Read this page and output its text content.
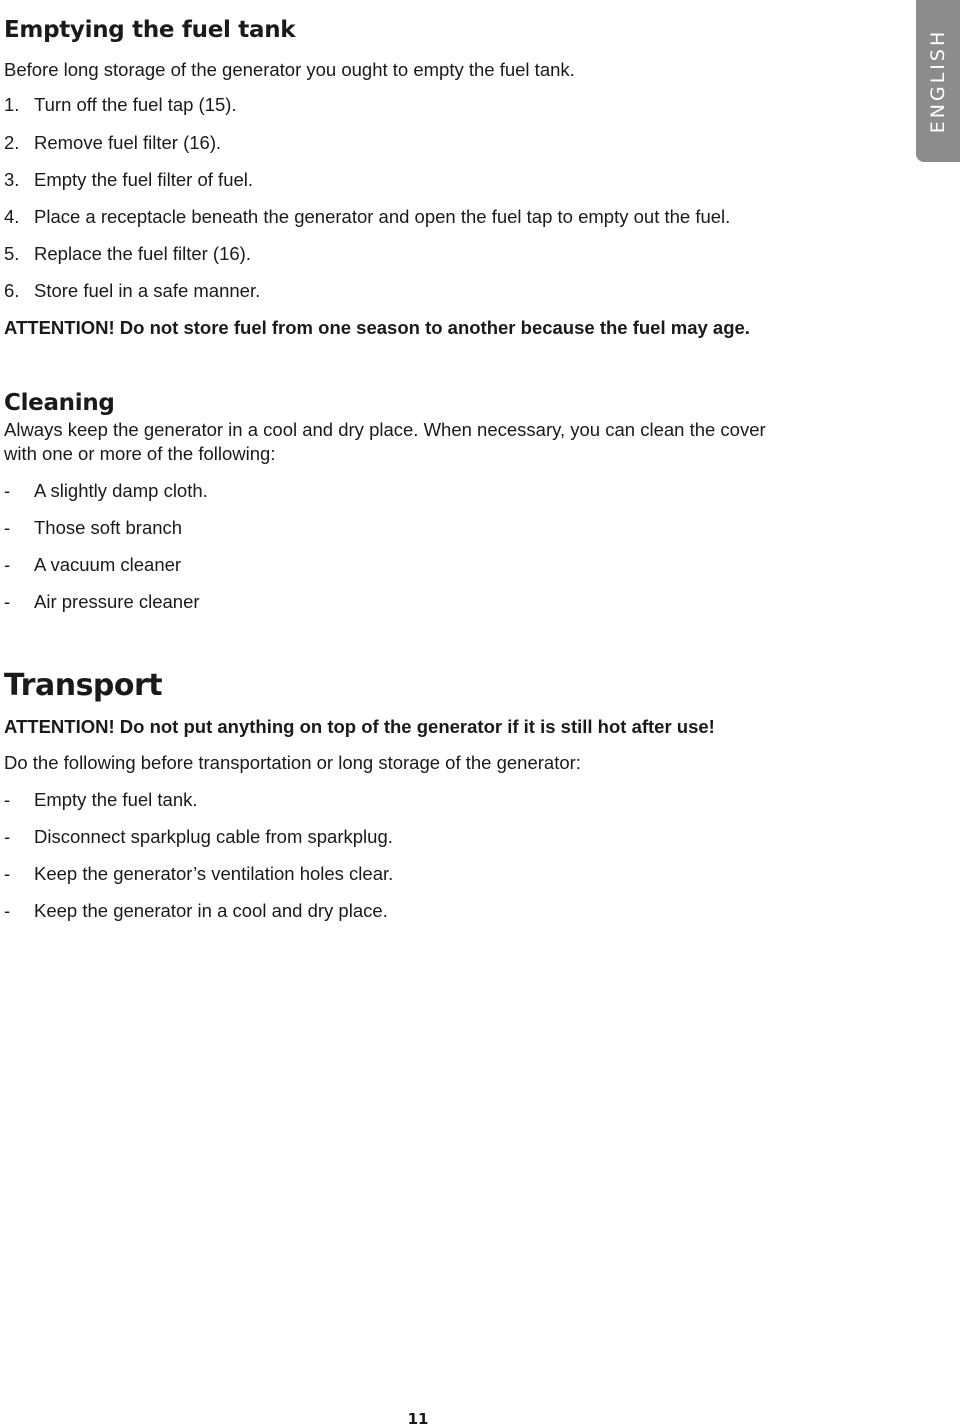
ENGLISH
Emptying the fuel tank

Before long storage of the generator you ought to empty the fuel tank.

1. Turn off the fuel tap (15).

2. Remove fuel filter (16).

3. Empty the fuel filter of fuel.

4. Place a receptacle beneath the generator and open the fuel tap to empty out the fuel.

5. Replace the fuel filter (16).

6. Store fuel in a safe manner.

ATTENTION! Do not store fuel from one season to another because the fuel may age.

Cleaning

Always keep the generator in a cool and dry place. When necessary, you can clean the cover

with one or more of the following:

- A slightly damp cloth.

- Those soft branch

- A vacuum cleaner

- Air pressure cleaner

Transport

ATTENTION! Do not put anything on top of the generator if it is still hot after use!

Do the following before transportation or long storage of the generator:

- Empty the fuel tank.

- Disconnect sparkplug cable from sparkplug.

- Keep the generator’s ventilation holes clear.

- Keep the generator in a cool and dry place.

11
